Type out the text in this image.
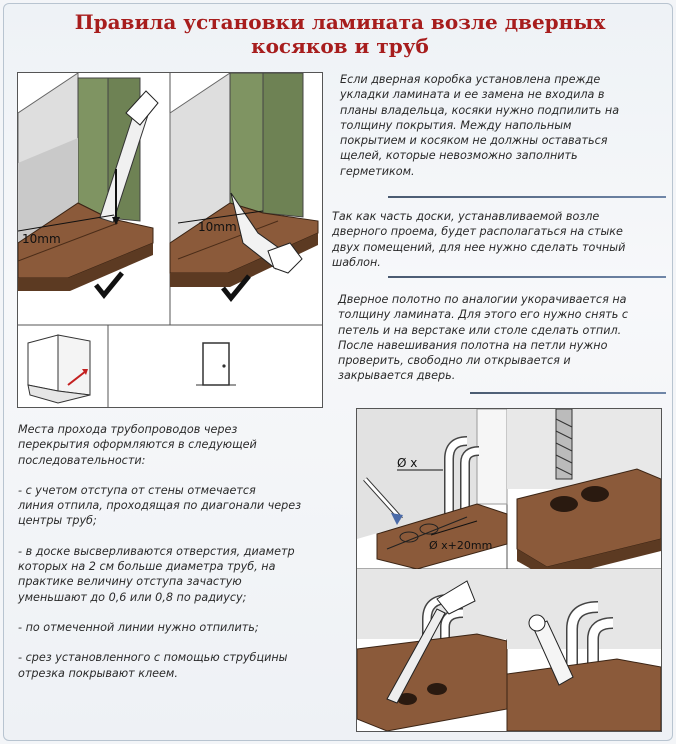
Правила установки ламината возле дверных
косяков и труб
10mm
10mm

Если дверная коробка установлена прежде
укладки ламината и ее замена не входила в
планы владельца, косяки нужно подпилить на
толщину покрытия. Между напольным
покрытием и косяком не должны оставаться
щелей, которые невозможно заполнить
герметиком.

Так как часть доски, устанавливаемой возле
дверного проема, будет располагаться на стыке
двух помещений, для нее нужно сделать точный
шаблон.

Дверное полотно по аналогии укорачивается на
толщину ламината. Для этого его нужно снять с
петель и на верстаке или столе сделать отпил.
После навешивания полотна на петли нужно
проверить, свободно ли открывается и
закрывается дверь.

Места прохода трубопроводов через
перекрытия оформляются в следующей
последовательности:
- с учетом отступа от стены отмечается
линия отпила, проходящая по диагонали через
центры труб;
- в доске высверливаются отверстия, диаметр
которых на 2 см больше диаметра труб, на
практике величину отступа зачастую
уменьшают до 0,6 или 0,8 по радиусу;
- по отмеченной линии нужно отпилить;
- срез установленного с помощью струбцины
отрезка покрывают клеем.
Ø x
Ø x+20mm
